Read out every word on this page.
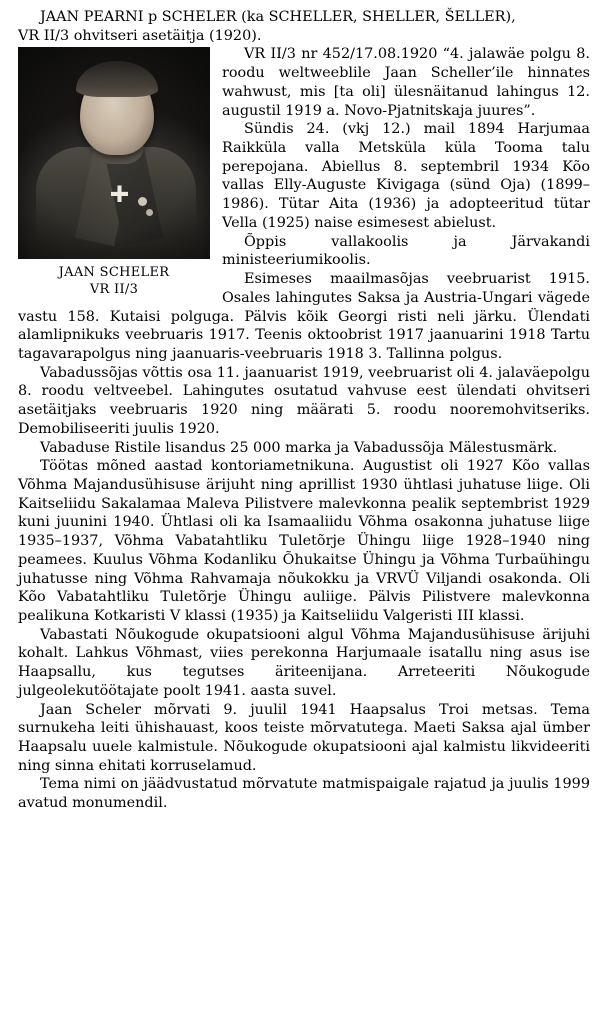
JAAN PEARNI p SCHELER (ka SCHELLER, SHELLER, ŠELLER),

VR II/3 ohvitseri asetäitja (1920).

JAAN SCHELER
VR II/3

VR II/3 nr 452/17.08.1920 “4. jalawäe polgu 8. roodu weltweeblile Jaan Scheller’ile hinnates wahwust, mis [ta oli] ülesnäitanud lahingus 12. augustil 1919 a. Novo-Pjatnitskaja juures”.

Sündis 24. (vkj 12.) mail 1894 Harjumaa Raikküla valla Metsküla küla Tooma talu perepojana. Abiellus 8. septembril 1934 Kõo vallas Elly-Auguste Kivigaga (sünd Oja) (1899–1986). Tütar Aita (1936) ja adopteeritud tütar Vella (1925) naise esimesest abielust.

Õppis vallakoolis ja Järvakandi ministeeriumikoolis.

Esimeses maailmasõjas veebruarist 1915. Osales lahingutes Saksa ja Austria-Ungari vägede vastu 158. Kutaisi polguga. Pälvis kõik Georgi risti neli järku. Ülendati alamlipnikuks veebruaris 1917. Teenis oktoobrist 1917 jaanuarini 1918 Tartu tagavarapolgus ning jaanuaris-veebruaris 1918 3. Tallinna polgus.

Vabadussõjas võttis osa 11. jaanuarist 1919, veebruarist oli 4. jalaväepolgu 8. roodu veltveebel. Lahingutes osutatud vahvuse eest ülendati ohvitseri asetäitjaks veebruaris 1920 ning määrati 5. roodu nooremohvitseriks. Demobiliseeriti juulis 1920.

Vabaduse Ristile lisandus 25 000 marka ja Vabadussõja Mälestusmärk.

Töötas mõned aastad kontoriametnikuna. Augustist oli 1927 Kõo vallas Võhma Majandusühisuse ärijuht ning aprillist 1930 ühtlasi juhatuse liige. Oli Kaitseliidu Sakalamaa Maleva Pilistvere malevkonna pealik septembrist 1929 kuni juunini 1940. Ühtlasi oli ka Isamaaliidu Võhma osakonna juhatuse liige 1935–1937, Võhma Vabatahtliku Tuletõrje Ühingu liige 1928–1940 ning peamees. Kuulus Võhma Kodanliku Õhukaitse Ühingu ja Võhma Turbaühingu juhatusse ning Võhma Rahvamaja nõukokku ja VRVÜ Viljandi osakonda. Oli Kõo Vabatahtliku Tuletõrje Ühingu auliige. Pälvis Pilistvere malevkonna pealikuna Kotkaristi V klassi (1935) ja Kaitseliidu Valgeristi III klassi.

Vabastati Nõukogude okupatsiooni algul Võhma Majandusühisuse ärijuhi kohalt. Lahkus Võhmast, viies perekonna Harjumaale isatallu ning asus ise Haapsallu, kus tegutses äriteenijana. Arreteeriti Nõukogude julgeolekutöötajate poolt 1941. aasta suvel.

Jaan Scheler mõrvati 9. juulil 1941 Haapsalus Troi metsas. Tema surnukeha leiti ühishauast, koos teiste mõrvatutega. Maeti Saksa ajal ümber Haapsalu uuele kalmistule. Nõukogude okupatsiooni ajal kalmistu likvideeriti ning sinna ehitati korruselamud.

Tema nimi on jäädvustatud mõrvatute matmispaigale rajatud ja juulis 1999 avatud monumendil.
